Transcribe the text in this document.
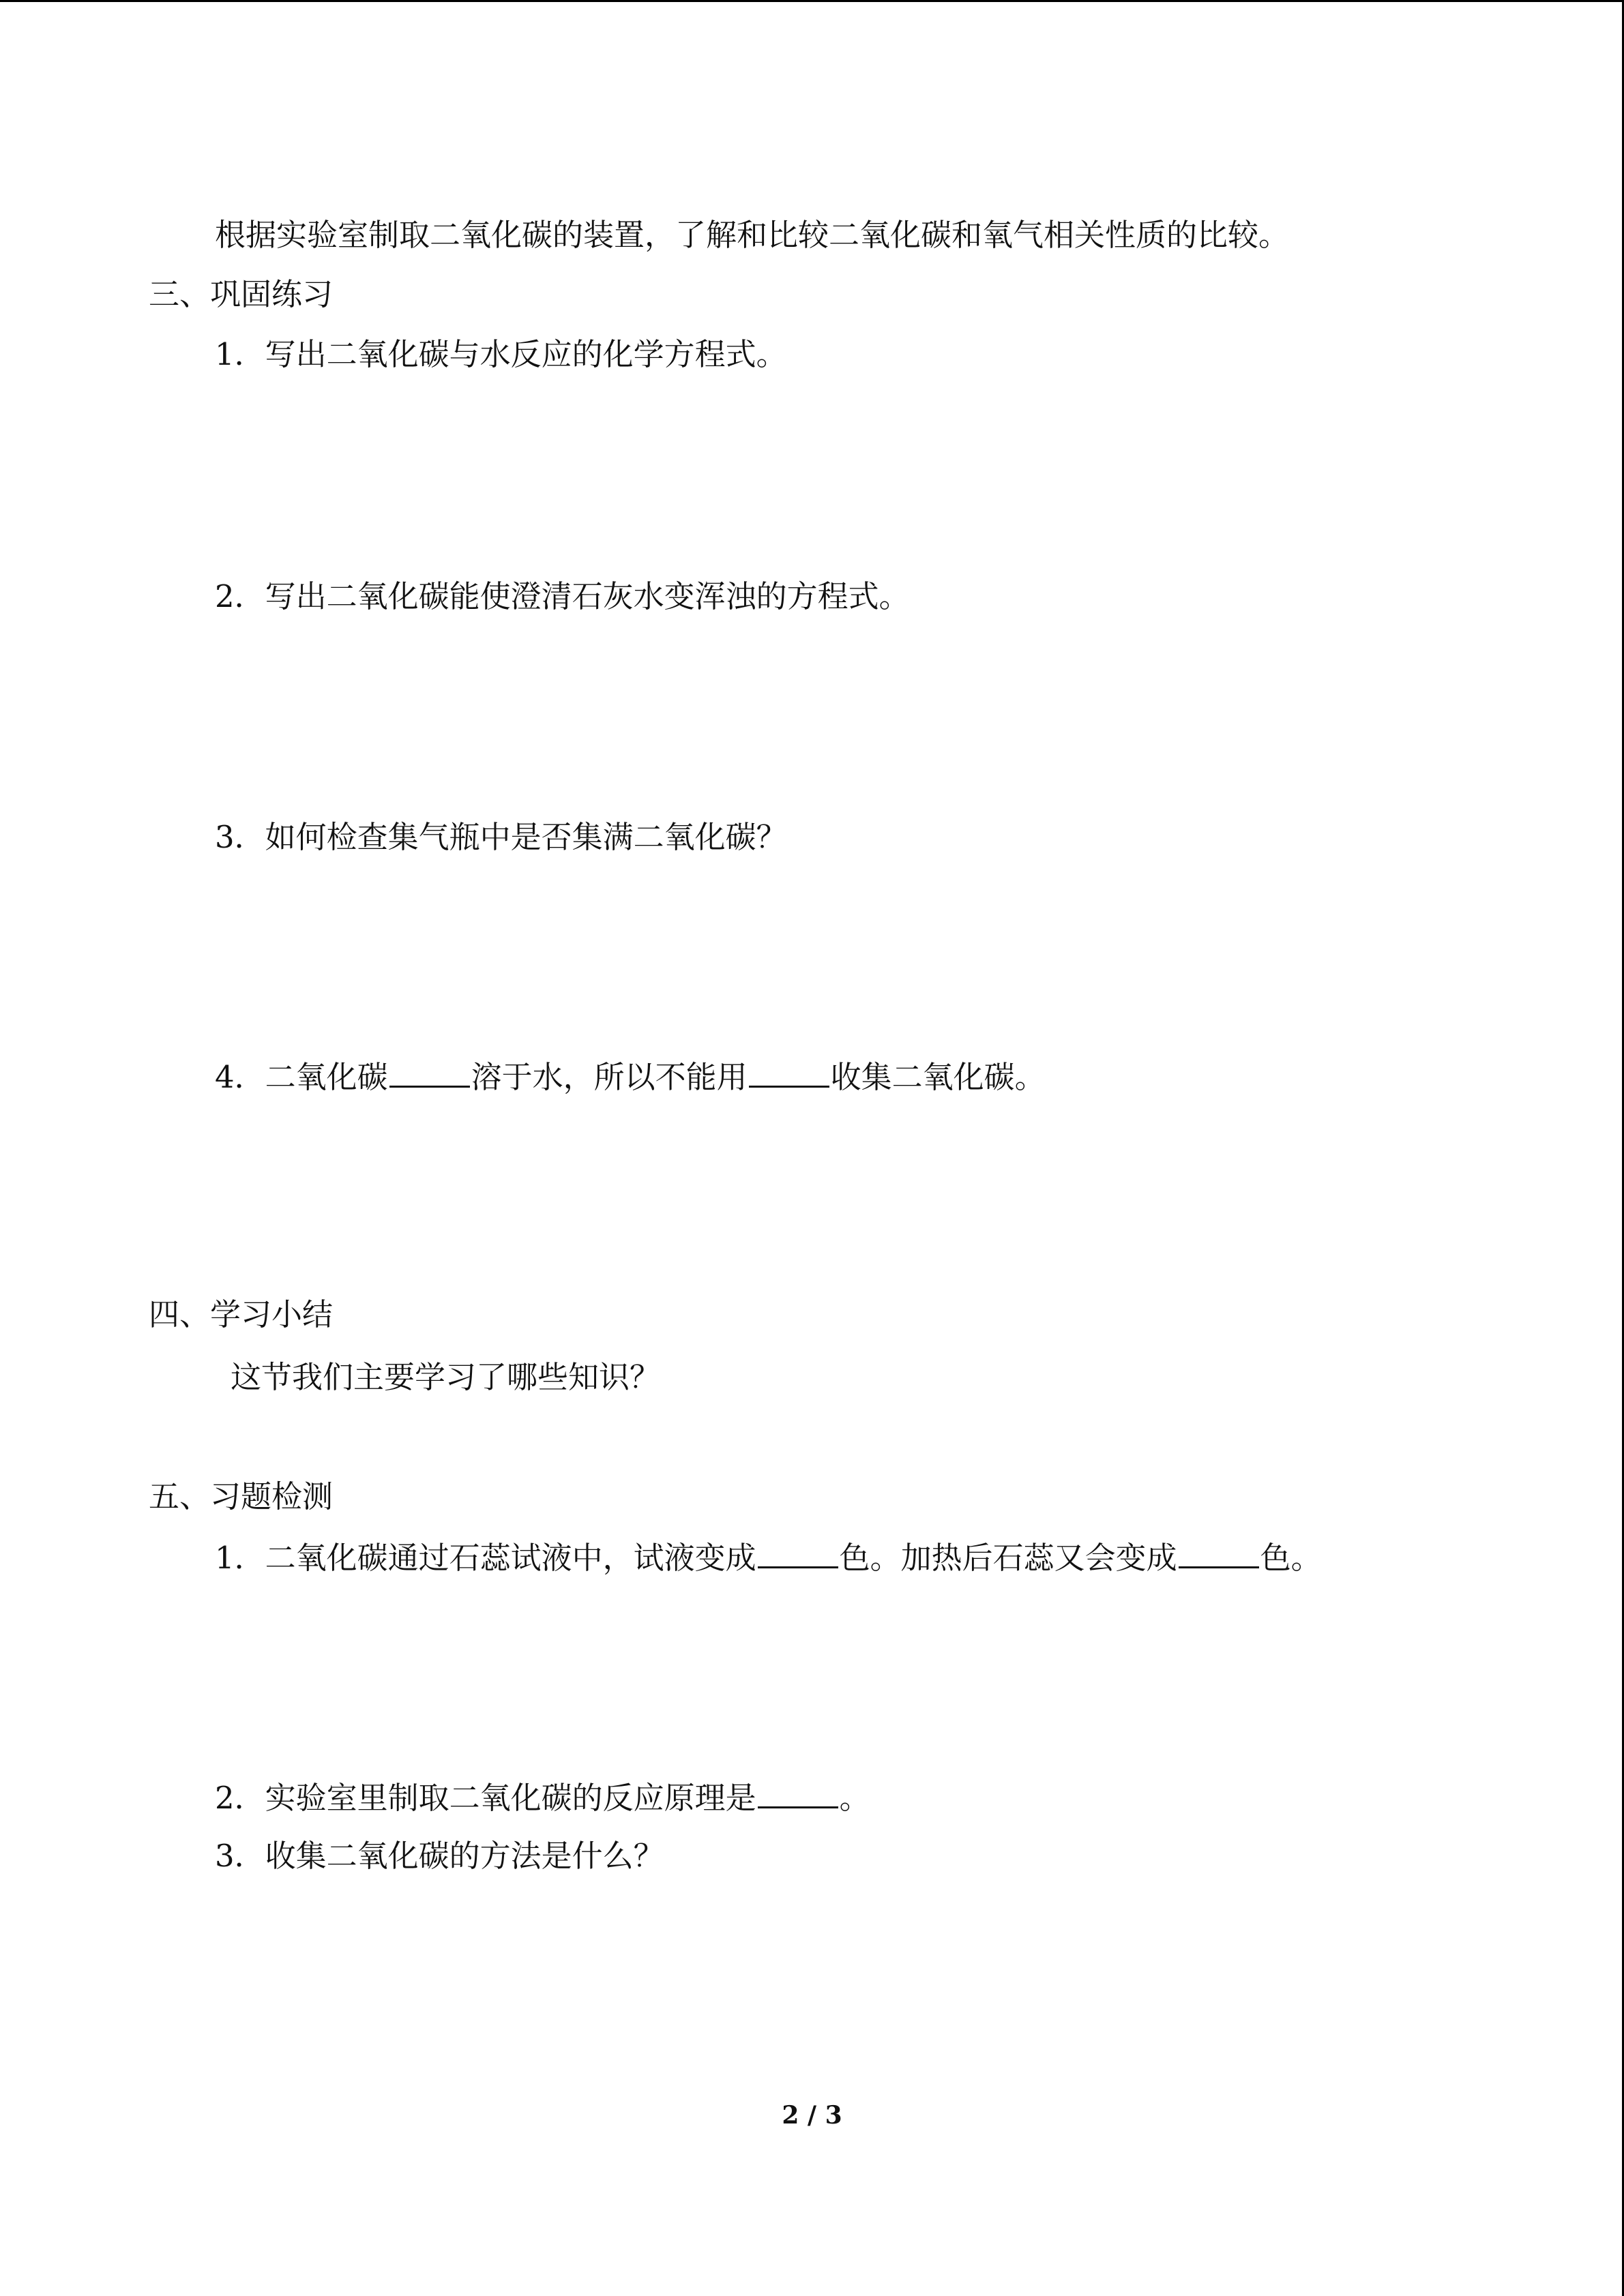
根据实验室制取二氧化碳的装置，了解和比较二氧化碳和氧气相关性质的比较。
三、巩固练习
1．写出二氧化碳与水反应的化学方程式。
2．写出二氧化碳能使澄清石灰水变浑浊的方程式。
3．如何检查集气瓶中是否集满二氧化碳？
4．二氧化碳	溶于水，所以不能用	收集二氧化碳。
四、学习小结
这节我们主要学习了哪些知识？
五、习题检测
1．二氧化碳通过石蕊试液中，试液变成	色。加热后石蕊又会变成	色。
2．实验室里制取二氧化碳的反应原理是	。
3．收集二氧化碳的方法是什么？
2 / 3
